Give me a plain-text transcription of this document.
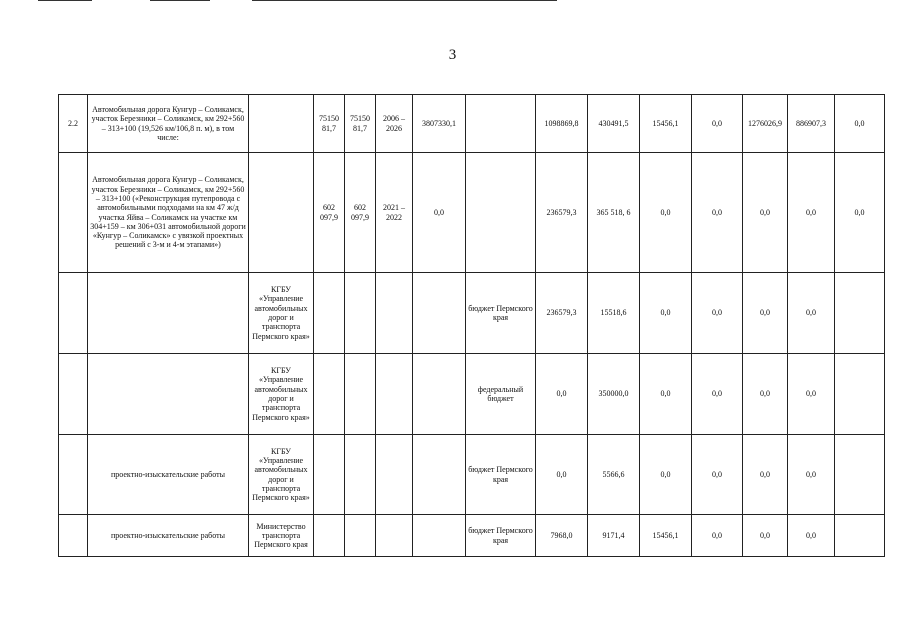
3
2.2	Автомобильная дорога Кунгур – Соликамск, участок Березники – Соликамск, км 292+560 – 313+100 (19,526 км/106,8 п. м), в том числе:		75150 81,7	75150 81,7	2006 – 2026	3807330,1		1098869,8	430491,5	15456,1	0,0	1276026,9	886907,3	0,0
	Автомобильная дорога Кунгур – Соликамск, участок Березники – Соликамск, км 292+560 – 313+100 («Реконструкция путепровода с автомобильными подходами на км 47 ж/д участка Яйва – Соликамск на участке км 304+159 – км 306+031 автомобильной дороги «Кунгур – Соликамск» с увязкой проектных решений с 3-м и 4-м этапами»)		602 097,9	602 097,9	2021 – 2022	0,0		236579,3	365 518, 6	0,0	0,0	0,0	0,0	0,0
		КГБУ «Управление автомобильных дорог и транспорта Пермского края»					бюджет Пермского края	236579,3	15518,6	0,0	0,0	0,0	0,0	
		КГБУ «Управление автомобильных дорог и транспорта Пермского края»					федеральный бюджет	0,0	350000,0	0,0	0,0	0,0	0,0	
	проектно-изыскательские работы	КГБУ «Управление автомобильных дорог и транспорта Пермского края»					бюджет Пермского края	0,0	5566,6	0,0	0,0	0,0	0,0	
	проектно-изыскательские работы	Министерство транспорта Пермского края					бюджет Пермского края	7968,0	9171,4	15456,1	0,0	0,0	0,0	
